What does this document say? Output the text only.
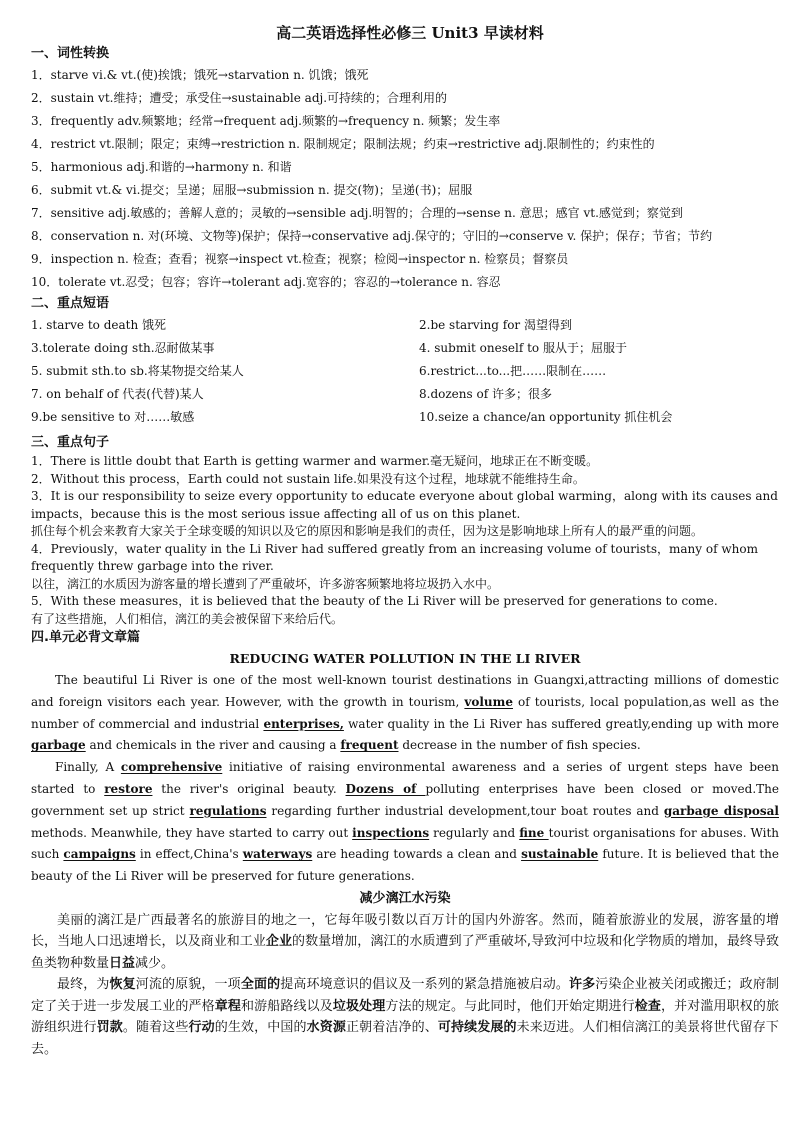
高二英语选择性必修三 Unit3 早读材料
一、词性转换
1．starve vi.& vt.(使)挨饿；饿死→starvation n. 饥饿；饿死
2．sustain vt.维持；遭受；承受住→sustainable adj.可持续的；合理利用的
3．frequently adv.频繁地；经常→frequent adj.频繁的→frequency n. 频繁；发生率
4．restrict vt.限制；限定；束缚→restriction n. 限制规定；限制法规；约束→restrictive adj.限制性的；约束性的
5．harmonious adj.和谐的→harmony n. 和谐
6．submit vt.& vi.提交；呈递；屈服→submission n. 提交(物)；呈递(书)；屈服
7．sensitive adj.敏感的；善解人意的；灵敏的→sensible adj.明智的；合理的→sense n. 意思；感官 vt.感觉到；察觉到
8．conservation n. 对(环境、文物等)保护；保持→conservative adj.保守的；守旧的→conserve v. 保护；保存；节省；节约
9．inspection n. 检查；查看；视察→inspect vt.检查；视察；检阅→inspector n. 检察员；督察员
10．tolerate vt.忍受；包容；容许→tolerant adj.宽容的；容忍的→tolerance n. 容忍
二、重点短语
1. starve to death 饿死	2.be starving for 渴望得到
3.tolerate doing sth.忍耐做某事	4. submit oneself to 服从于；屈服于
5. submit sth.to sb.将某物提交给某人	6.restrict...to...把……限制在……
7. on behalf of 代表(代替)某人	8.dozens of 许多；很多
9.be sensitive to 对……敏感	10.seize a chance/an opportunity 抓住机会
三、重点句子
1．There is little doubt that Earth is getting warmer and warmer.毫无疑问，地球正在不断变暖。
2．Without this process，Earth could not sustain life.如果没有这个过程，地球就不能维持生命。
3．It is our responsibility to seize every opportunity to educate everyone about global warming，along with its causes and impacts，because this is the most serious issue affecting all of us on this planet.
抓住每个机会来教育大家关于全球变暖的知识以及它的原因和影响是我们的责任，因为这是影响地球上所有人的最严重的问题。
4．Previously，water quality in the Li River had suffered greatly from an increasing volume of tourists，many of whom frequently threw garbage into the river.
以往，漓江的水质因为游客量的增长遭到了严重破坏，许多游客频繁地将垃圾扔入水中。
5．With these measures，it is believed that the beauty of the Li River will be preserved for generations to come.
有了这些措施，人们相信，漓江的美会被保留下来给后代。
四.单元必背文章篇
REDUCING WATER POLLUTION IN THE LI RIVER
The beautiful Li River is one of the most well-known tourist destinations in Guangxi,attracting millions of domestic and foreign visitors each year. However, with the growth in tourism, volume of tourists, local population,as well as the number of commercial and industrial enterprises, water quality in the Li River has suffered greatly,ending up with more garbage and chemicals in the river and causing a frequent decrease in the number of fish species.
Finally, A comprehensive initiative of raising environmental awareness and a series of urgent steps have been started to restore the river's original beauty. Dozens of polluting enterprises have been closed or moved.The government set up strict regulations regarding further industrial development,tour boat routes and garbage disposal methods. Meanwhile, they have started to carry out inspections regularly and fine tourist organisations for abuses. With such campaigns in effect,China's waterways are heading towards a clean and sustainable future. It is believed that the beauty of the Li River will be preserved for future generations.
减少漓江水污染
美丽的漓江是广西最著名的旅游目的地之一，它每年吸引数以百万计的国内外游客。然而，随着旅游业的发展，游客量的增长，当地人口迅速增长，以及商业和工业企业的数量增加，漓江的水质遭到了严重破坏,导致河中垃圾和化学物质的增加，最终导致鱼类物种数量日益减少。
最终，为恢复河流的原貌，一项全面的提高环境意识的倡议及一系列的紧急措施被启动。许多污染企业被关闭或搬迁；政府制定了关于进一步发展工业的严格章程和游船路线以及垃圾处理方法的规定。与此同时，他们开始定期进行检查，并对滥用职权的旅游组织进行罚款。随着这些行动的生效，中国的水资源正朝着洁净的、可持续发展的未来迈进。人们相信漓江的美景将世代留存下去。
